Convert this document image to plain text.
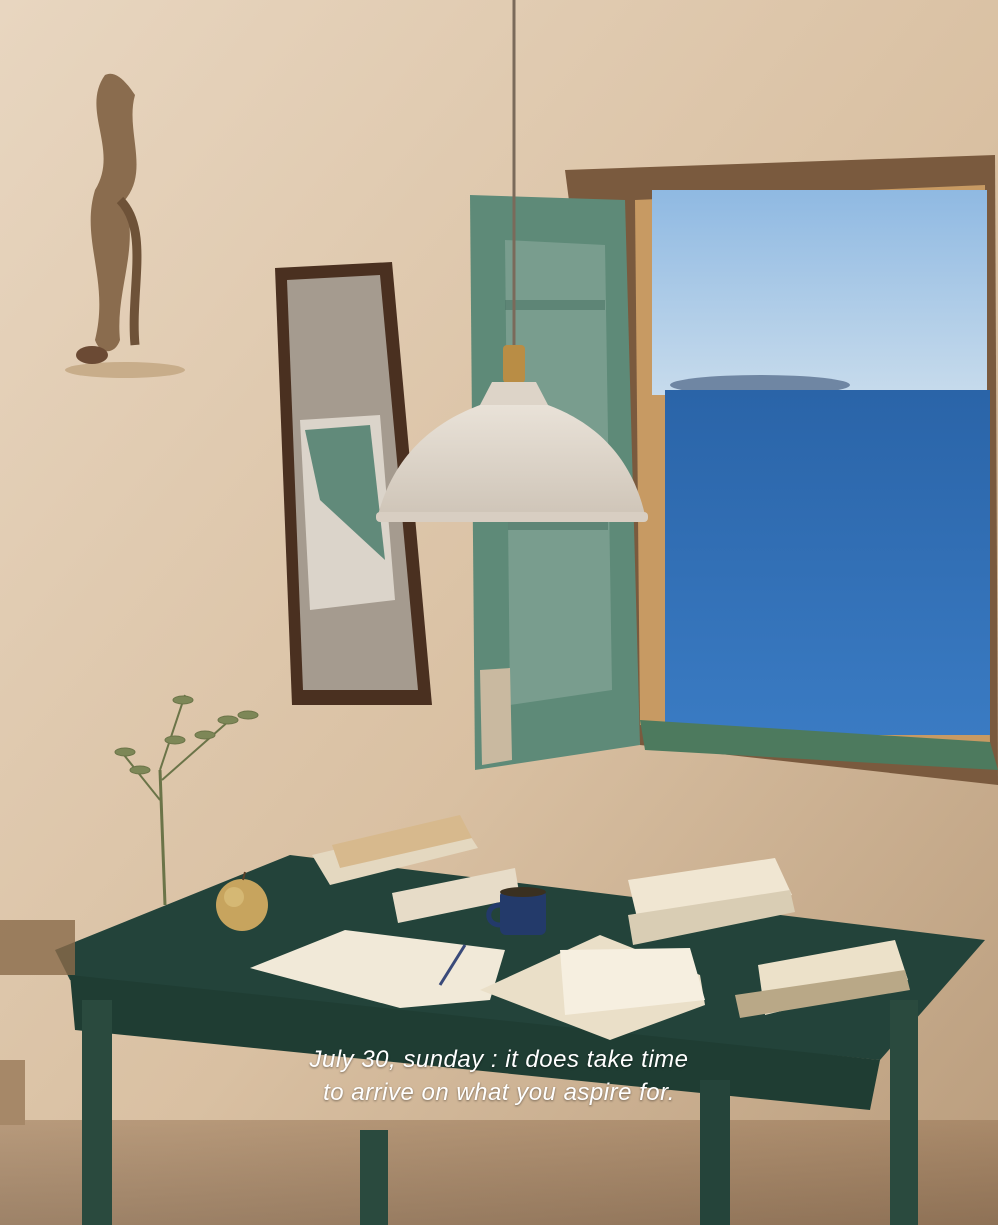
July 30, sunday : it does take time
to arrive on what you aspire for.
